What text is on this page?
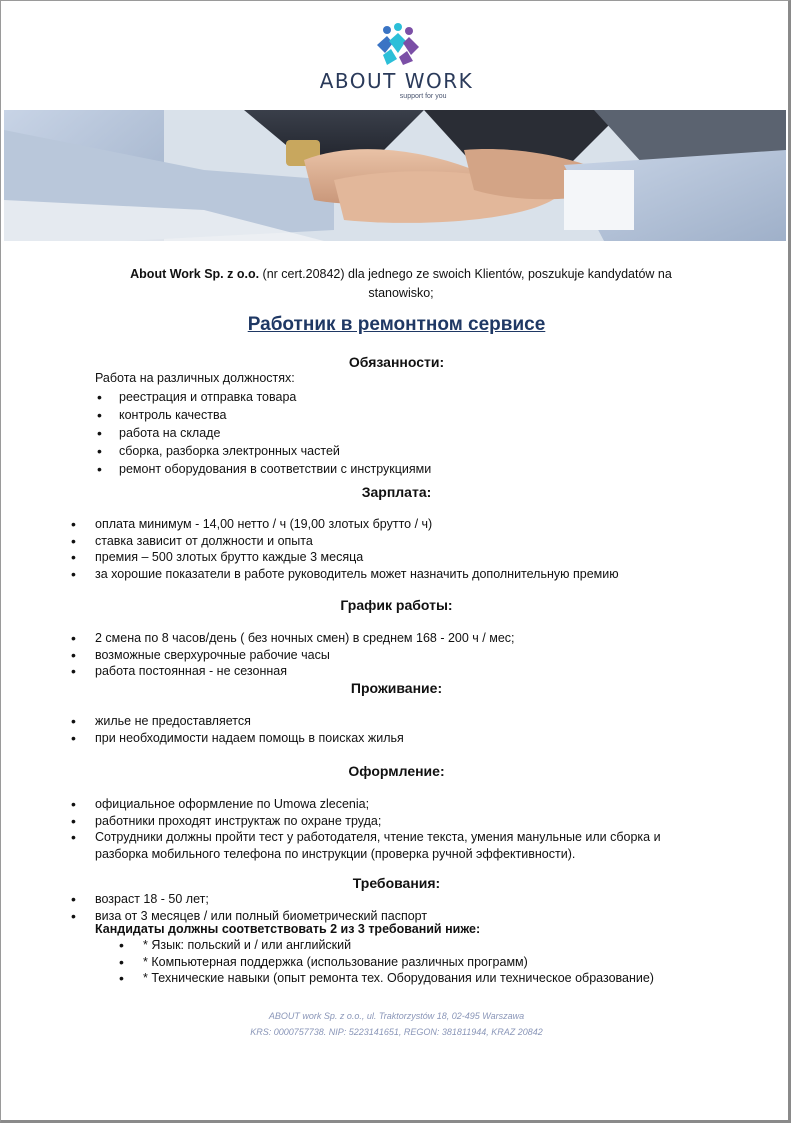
ABOUT WORK
support for you
About Work Sp. z o.o. (nr cert.20842) dla jednego ze swoich Klientów, poszukuje kandydatów na stanowisko;
Работник в ремонтном сервисе
Обязанности:
Работа на различных должностях:
• реестрация и отправка товара
• контроль качества
• работа на складе
• сборка, разборка электронных частей
• ремонт оборудования в соответствии с инструкциями
Зарплата:
• оплата минимум - 14,00 нетто / ч (19,00 злотых брутто / ч)
• ставка зависит от должности и опыта
• премия – 500 злотых брутто каждые 3 месяца
• за хорошие показатели в работе руководитель может назначить дополнительную премию
График работы:
• 2 смена по 8 часов/день ( без ночных смен) в среднем 168 - 200 ч / мес;
• возможные сверхурочные рабочие часы
• работа постоянная - не сезонная
Проживание:
• жилье не предоставляется
• при необходимости надаем помощь в поисках жилья
Оформление:
• официальное оформление по Umowa zlecenia;
• работники проходят инструктаж по охране труда;
• Сотрудники должны пройти тест у работодателя, чтение текста, умения манульные или сборка и разборка мобильного телефона по инструкции (проверка ручной эффективности).
Требования:
• возраст 18 - 50 лет;
• виза от 3 месяцев / или полный биометрический паспорт
Кандидаты должны соответствовать 2 из 3 требований ниже:
• * Язык: польский и / или английский
• * Компьютерная поддержка (использование различных программ)
• * Технические навыки (опыт ремонта тех. Оборудования или техническое образование)
ABOUT work Sp. z o.o., ul. Traktorzystów 18, 02-495 Warszawa
KRS: 0000757738. NIP: 5223141651, REGON: 381811944, KRAZ 20842
